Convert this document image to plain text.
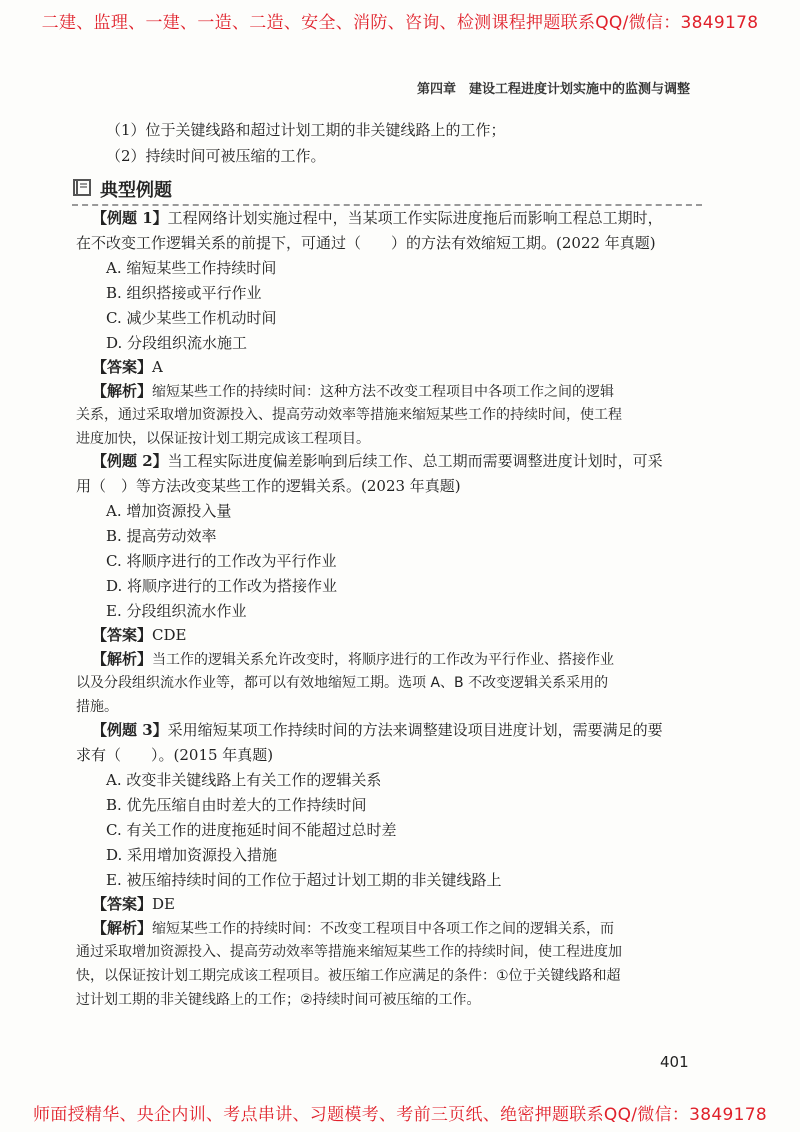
二建、监理、一建、一造、二造、安全、消防、咨询、检测课程押题联系QQ/微信：3849178
第四章　建设工程进度计划实施中的监测与调整
（1）位于关键线路和超过计划工期的非关键线路上的工作；
（2）持续时间可被压缩的工作。
典型例题
【例题 1】工程网络计划实施过程中，当某项工作实际进度拖后而影响工程总工期时，
在不改变工作逻辑关系的前提下，可通过（　　）的方法有效缩短工期。(2022 年真题)
A. 缩短某些工作持续时间
B. 组织搭接或平行作业
C. 减少某些工作机动时间
D. 分段组织流水施工
【答案】A
【解析】缩短某些工作的持续时间：这种方法不改变工程项目中各项工作之间的逻辑
关系，通过采取增加资源投入、提高劳动效率等措施来缩短某些工作的持续时间，使工程
进度加快，以保证按计划工期完成该工程项目。
【例题 2】当工程实际进度偏差影响到后续工作、总工期而需要调整进度计划时，可采
用（　）等方法改变某些工作的逻辑关系。(2023 年真题)
A. 增加资源投入量
B. 提高劳动效率
C. 将顺序进行的工作改为平行作业
D. 将顺序进行的工作改为搭接作业
E. 分段组织流水作业
【答案】CDE
【解析】当工作的逻辑关系允许改变时，将顺序进行的工作改为平行作业、搭接作业
以及分段组织流水作业等，都可以有效地缩短工期。选项 A、B 不改变逻辑关系采用的
措施。
【例题 3】采用缩短某项工作持续时间的方法来调整建设项目进度计划，需要满足的要
求有（　　）。(2015 年真题)
A. 改变非关键线路上有关工作的逻辑关系
B. 优先压缩自由时差大的工作持续时间
C. 有关工作的进度拖延时间不能超过总时差
D. 采用增加资源投入措施
E. 被压缩持续时间的工作位于超过计划工期的非关键线路上
【答案】DE
【解析】缩短某些工作的持续时间：不改变工程项目中各项工作之间的逻辑关系，而
通过采取增加资源投入、提高劳动效率等措施来缩短某些工作的持续时间，使工程进度加
快，以保证按计划工期完成该工程项目。被压缩工作应满足的条件：①位于关键线路和超
过计划工期的非关键线路上的工作；②持续时间可被压缩的工作。
401
师面授精华、央企内训、考点串讲、习题模考、考前三页纸、绝密押题联系QQ/微信：3849178
